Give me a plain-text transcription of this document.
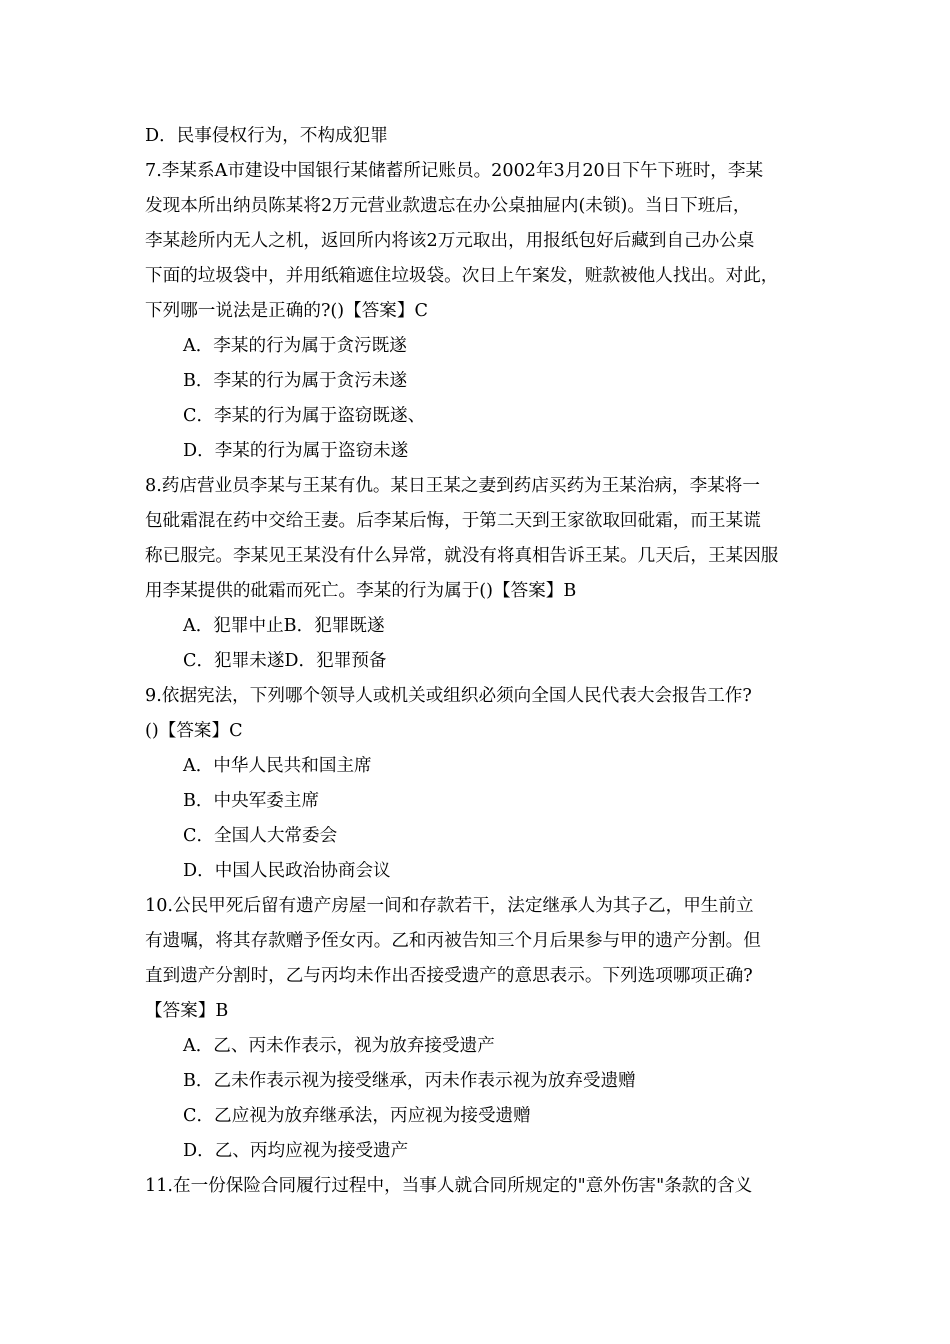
D．民事侵权行为，不构成犯罪
7.李某系A市建设中国银行某储蓄所记账员。2002年3月20日下午下班时，李某
发现本所出纳员陈某将2万元营业款遗忘在办公桌抽屉内(未锁)。当日下班后，
李某趁所内无人之机，返回所内将该2万元取出，用报纸包好后藏到自己办公桌
下面的垃圾袋中，并用纸箱遮住垃圾袋。次日上午案发，赃款被他人找出。对此，
下列哪一说法是正确的?()【答案】C
A．李某的行为属于贪污既遂
B．李某的行为属于贪污未遂
C．李某的行为属于盗窃既遂、
D．李某的行为属于盗窃未遂
8.药店营业员李某与王某有仇。某日王某之妻到药店买药为王某治病，李某将一
包砒霜混在药中交给王妻。后李某后悔，于第二天到王家欲取回砒霜，而王某谎
称已服完。李某见王某没有什么异常，就没有将真相告诉王某。几天后，王某因服
用李某提供的砒霜而死亡。李某的行为属于()【答案】B
A．犯罪中止B．犯罪既遂
C．犯罪未遂D．犯罪预备
9.依据宪法，下列哪个领导人或机关或组织必须向全国人民代表大会报告工作?
()【答案】C
A．中华人民共和国主席
B．中央军委主席
C．全国人大常委会
D．中国人民政治协商会议
10.公民甲死后留有遗产房屋一间和存款若干，法定继承人为其子乙，甲生前立
有遗嘱，将其存款赠予侄女丙。乙和丙被告知三个月后果参与甲的遗产分割。但
直到遗产分割时，乙与丙均未作出否接受遗产的意思表示。下列选项哪项正确?
【答案】B
A．乙、丙未作表示，视为放弃接受遗产
B．乙未作表示视为接受继承，丙未作表示视为放弃受遗赠
C．乙应视为放弃继承法，丙应视为接受遗赠
D．乙、丙均应视为接受遗产
11.在一份保险合同履行过程中，当事人就合同所规定的"意外伤害"条款的含义
